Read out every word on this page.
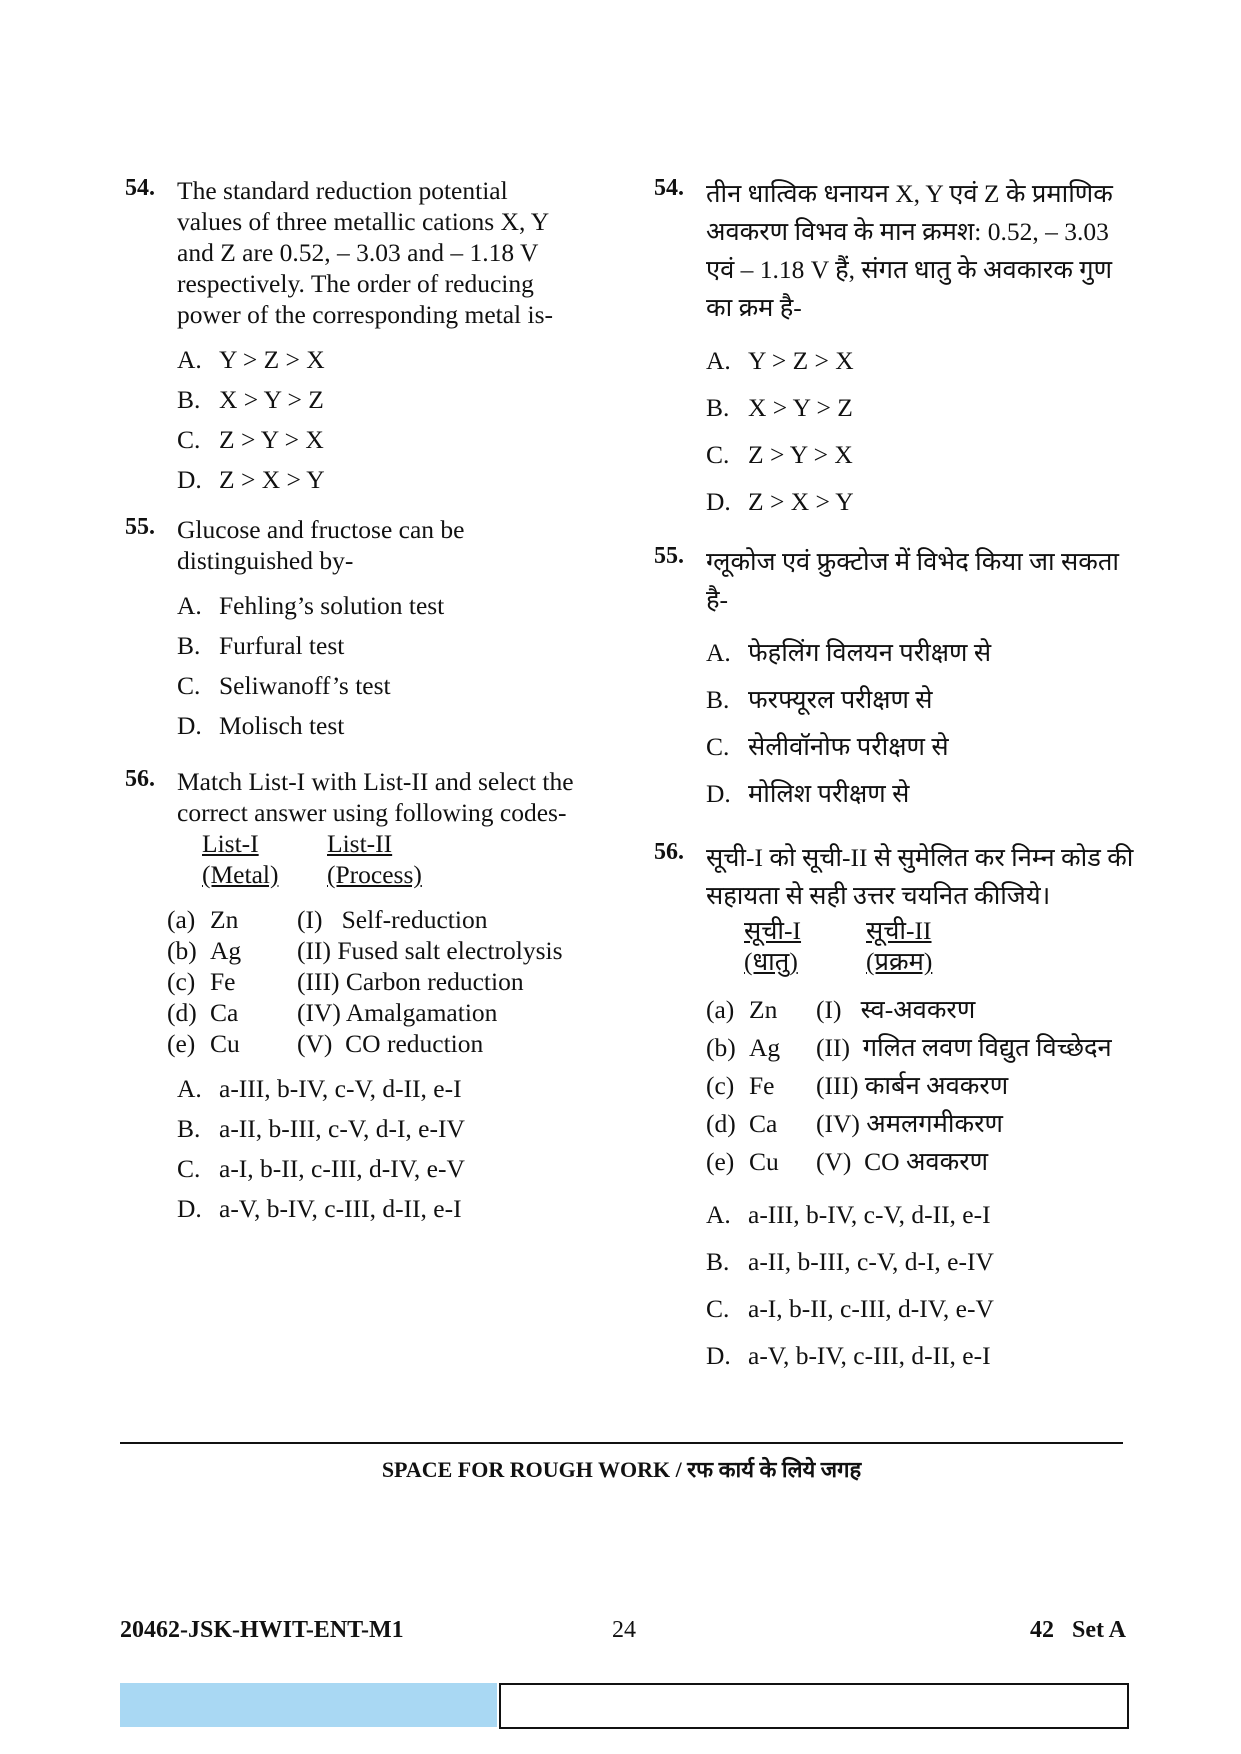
54. The standard reduction potential
values of three metallic cations X, Y
and Z are 0.52, – 3.03 and – 1.18 V
respectively. The order of reducing
power of the corresponding metal is-
A. Y > Z > X
B. X > Y > Z
C. Z > Y > X
D. Z > X > Y
55. Glucose and fructose can be
distinguished by-
A. Fehling’s solution test
B. Furfural test
C. Seliwanoff’s test
D. Molisch test
56. Match List-I with List-II and select the
correct answer using following codes-
List-I
(Metal)
List-II
(Process)
(a) Zn	(I)   Self-reduction
(b) Ag	(II) Fused salt electrolysis
(c) Fe	(III) Carbon reduction
(d) Ca	(IV) Amalgamation
(e) Cu	(V)  CO reduction
A. a-III, b-IV, c-V, d-II, e-I
B. a-II, b-III, c-V, d-I, e-IV
C. a-I, b-II, c-III, d-IV, e-V
D. a-V, b-IV, c-III, d-II, e-I
54. तीन धात्विक धनायन X, Y एवं Z के प्रमाणिक
अवकरण विभव के मान क्रमश: 0.52, – 3.03
एवं – 1.18 V हैं, संगत धातु के अवकारक गुण
का क्रम है-
A. Y > Z > X
B. X > Y > Z
C. Z > Y > X
D. Z > X > Y
55. ग्लूकोज एवं फ्रुक्टोज में विभेद किया जा सकता है-
A. फेहलिंग विलयन परीक्षण से
B. फरफ्यूरल परीक्षण से
C. सेलीवॉनोफ परीक्षण से
D. मोलिश परीक्षण से
56. सूची-I को सूची-II से सुमेलित कर निम्न कोड की
सहायता से सही उत्तर चयनित कीजिये।
सूची-I
(धातु)
सूची-II
(प्रक्रम)
(a) Zn	(I)   स्व-अवकरण
(b) Ag	(II)  गलित लवण विद्युत विच्छेदन
(c) Fe	(III) कार्बन अवकरण
(d) Ca	(IV) अमलगमीकरण
(e) Cu	(V)  CO अवकरण
A. a-III, b-IV, c-V, d-II, e-I
B. a-II, b-III, c-V, d-I, e-IV
C. a-I, b-II, c-III, d-IV, e-V
D. a-V, b-IV, c-III, d-II, e-I
SPACE FOR ROUGH WORK / रफ कार्य के लिये जगह
20462-JSK-HWIT-ENT-M1	24	42   Set A
